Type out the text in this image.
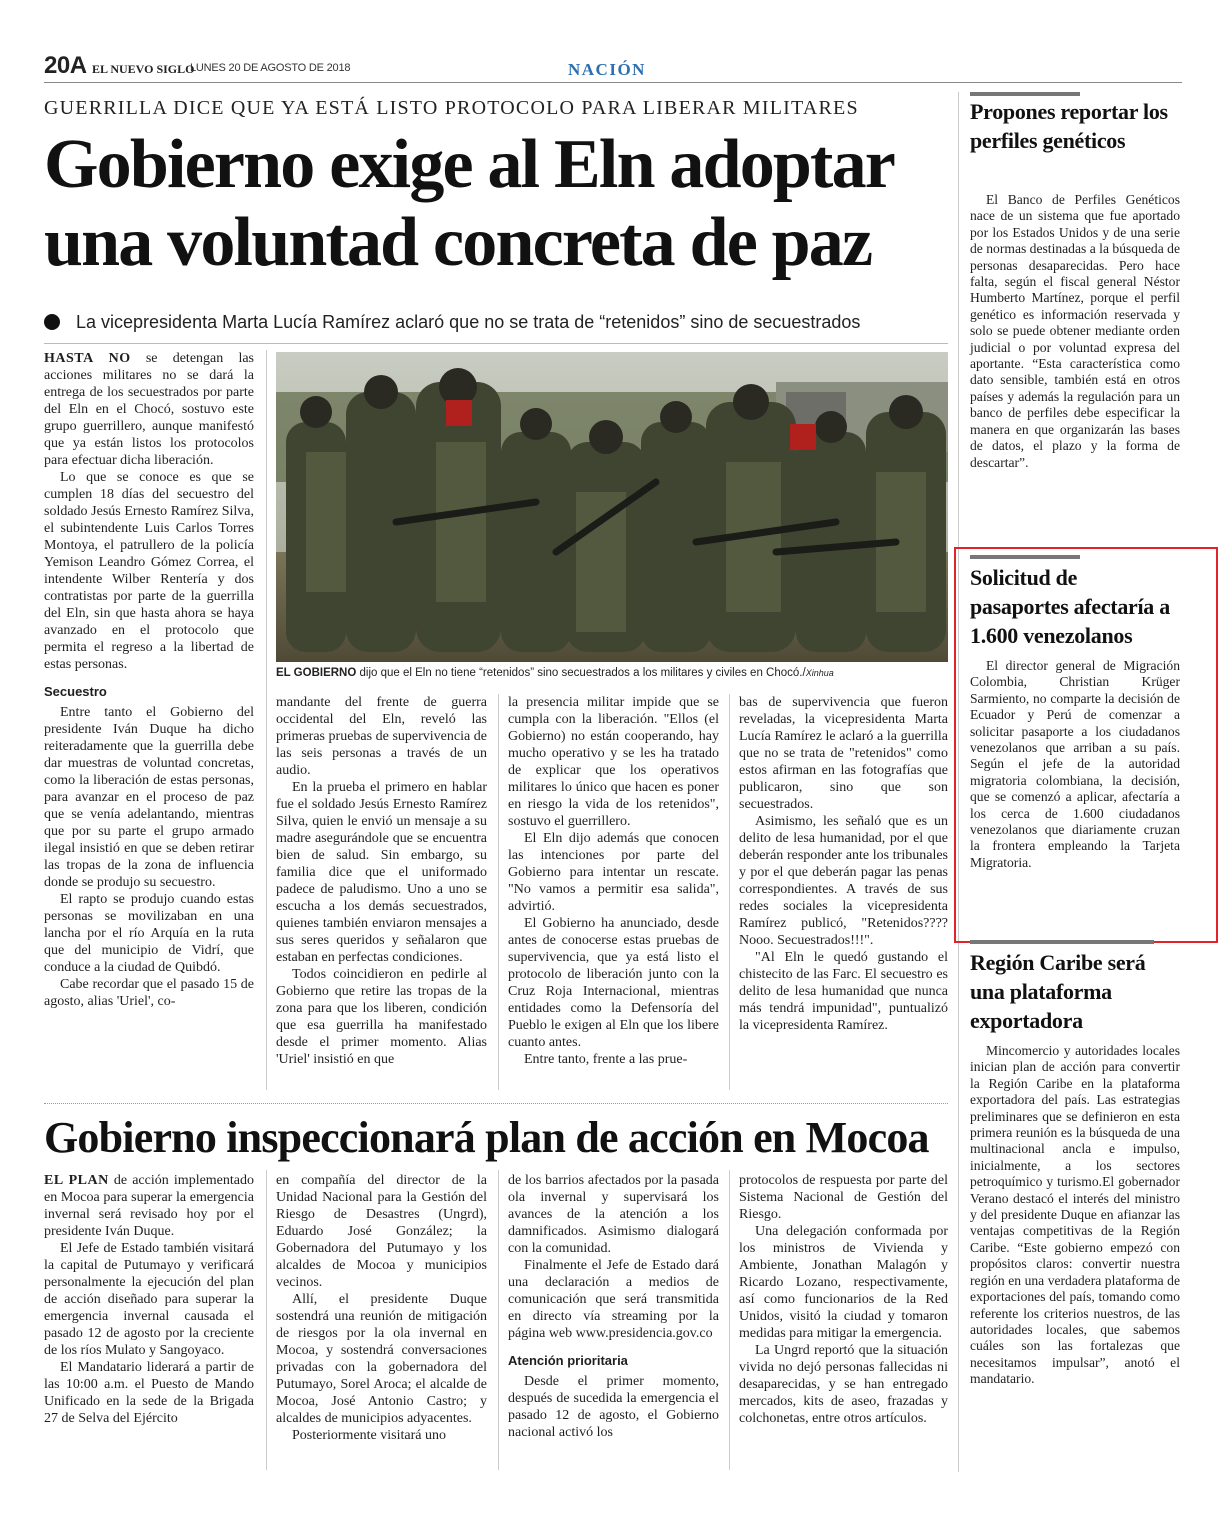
20A EL NUEVO SIGLO
LUNES 20 DE AGOSTO DE 2018	NACIÓN
GUERRILLA DICE QUE YA ESTÁ LISTO PROTOCOLO PARA LIBERAR MILITARES
Gobierno exige al Eln adoptar una voluntad concreta de paz
La vicepresidenta Marta Lucía Ramírez aclaró que no se trata de “retenidos” sino de secuestrados

HASTA NO se detengan las acciones militares no se dará la entrega de los secuestrados por parte del Eln en el Chocó, sostuvo este grupo guerrillero, aunque manifestó que ya están listos los protocolos para efectuar dicha liberación.

Lo que se conoce es que se cumplen 18 días del secuestro del soldado Jesús Ernesto Ramírez Silva, el subintendente Luis Carlos Torres Montoya, el patrullero de la policía Yemison Leandro Gómez Correa, el intendente Wilber Rentería y dos contratistas por parte de la guerrilla del Eln, sin que hasta ahora se haya avanzado en el protocolo que permita el regreso a la libertad de estas personas.

Secuestro

Entre tanto el Gobierno del presidente Iván Duque ha dicho reiteradamente que la guerrilla debe dar muestras de voluntad concretas, como la liberación de estas personas, para avanzar en el proceso de paz que se venía adelantando, mientras que por su parte el grupo armado ilegal insistió en que se deben retirar las tropas de la zona de influencia donde se produjo su secuestro.

El rapto se produjo cuando estas personas se movilizaban en una lancha por el río Arquía en la ruta que del municipio de Vidrí, que conduce a la ciudad de Quibdó.

Cabe recordar que el pasado 15 de agosto, alias 'Uriel', co-

EL GOBIERNO dijo que el Eln no tiene “retenidos” sino secuestrados a los militares y civiles en Chocó./Xinhua

mandante del frente de guerra occidental del Eln, reveló las primeras pruebas de supervivencia de las seis personas a través de un audio.

En la prueba el primero en hablar fue el soldado Jesús Ernesto Ramírez Silva, quien le envió un mensaje a su madre asegurándole que se encuentra bien de salud. Sin embargo, su familia dice que el uniformado padece de paludismo. Uno a uno se escucha a los demás secuestrados, quienes también enviaron mensajes a sus seres queridos y señalaron que estaban en perfectas condiciones.

Todos coincidieron en pedirle al Gobierno que retire las tropas de la zona para que los liberen, condición que esa guerrilla ha manifestado desde el primer momento. Alias 'Uriel' insistió en que

la presencia militar impide que se cumpla con la liberación. "Ellos (el Gobierno) no están cooperando, hay mucho operativo y se les ha tratado de explicar que los operativos militares lo único que hacen es poner en riesgo la vida de los retenidos", sostuvo el guerrillero.

El Eln dijo además que conocen las intenciones por parte del Gobierno para intentar un rescate. "No vamos a permitir esa salida", advirtió.

El Gobierno ha anunciado, desde antes de conocerse estas pruebas de supervivencia, que ya está listo el protocolo de liberación junto con la Cruz Roja Internacional, mientras entidades como la Defensoría del Pueblo le exigen al Eln que los libere cuanto antes.

Entre tanto, frente a las prue-

bas de supervivencia que fueron reveladas, la vicepresidenta Marta Lucía Ramírez le aclaró a la guerrilla que no se trata de "retenidos" como estos afirman en las fotografías que publicaron, sino que son secuestrados.

Asimismo, les señaló que es un delito de lesa humanidad, por el que deberán responder ante los tribunales y por el que deberán pagar las penas correspondientes. A través de sus redes sociales la vicepresidenta Ramírez publicó, "Retenidos???? Nooo. Secuestrados!!!".

"Al Eln le quedó gustando el chistecito de las Farc. El secuestro es delito de lesa humanidad que nunca más tendrá impunidad", puntualizó la vicepresidenta Ramírez.

Gobierno inspeccionará plan de acción en Mocoa

EL PLAN de acción implementado en Mocoa para superar la emergencia invernal será revisado hoy por el presidente Iván Duque.

El Jefe de Estado también visitará la capital de Putumayo y verificará personalmente la ejecución del plan de acción diseñado para superar la emergencia invernal causada el pasado 12 de agosto por la creciente de los ríos Mulato y Sangoyaco.

El Mandatario liderará a partir de las 10:00 a.m. el Puesto de Mando Unificado en la sede de la Brigada 27 de Selva del Ejército

en compañía del director de la Unidad Nacional para la Gestión del Riesgo de Desastres (Ungrd), Eduardo José González; la Gobernadora del Putumayo y los alcaldes de Mocoa y municipios vecinos.

Allí, el presidente Duque sostendrá una reunión de mitigación de riesgos por la ola invernal en Mocoa, y sostendrá conversaciones privadas con la gobernadora del Putumayo, Sorel Aroca; el alcalde de Mocoa, José Antonio Castro; y alcaldes de municipios adyacentes.

Posteriormente visitará uno

de los barrios afectados por la pasada ola invernal y supervisará los avances de la atención a los damnificados. Asimismo dialogará con la comunidad.

Finalmente el Jefe de Estado dará una declaración a medios de comunicación que será transmitida en directo vía streaming por la página web www.presidencia.gov.co

Atención prioritaria

Desde el primer momento, después de sucedida la emergencia el pasado 12 de agosto, el Gobierno nacional activó los

protocolos de respuesta por parte del Sistema Nacional de Gestión del Riesgo.

Una delegación conformada por los ministros de Vivienda y Ambiente, Jonathan Malagón y Ricardo Lozano, respectivamente, así como funcionarios de la Red Unidos, visitó la ciudad y tomaron medidas para mitigar la emergencia.

La Ungrd reportó que la situación vivida no dejó personas fallecidas ni desaparecidas, y se han entregado mercados, kits de aseo, frazadas y colchonetas, entre otros artículos.

Propones reportar los perfiles genéticos

El Banco de Perfiles Genéticos nace de un sistema que fue aportado por los Estados Unidos y de una serie de normas destinadas a la búsqueda de personas desaparecidas. Pero hace falta, según el fiscal general Néstor Humberto Martínez, porque el perfil genético es información reservada y solo se puede obtener mediante orden judicial o por voluntad expresa del aportante. “Esta característica como dato sensible, también está en otros países y además la regulación para un banco de perfiles debe especificar la manera en que organizarán las bases de datos, el plazo y la forma de descartar”.

Solicitud de pasaportes afectaría a 1.600 venezolanos

El director general de Migración Colombia, Christian Krüger Sarmiento, no comparte la decisión de Ecuador y Perú de comenzar a solicitar pasaporte a los ciudadanos venezolanos que arriban a su país. Según el jefe de la autoridad migratoria colombiana, la decisión, que se comenzó a aplicar, afectaría a los cerca de 1.600 ciudadanos venezolanos que diariamente cruzan la frontera empleando la Tarjeta Migratoria.

Región Caribe será una plataforma exportadora

Mincomercio y autoridades locales inician plan de acción para convertir la Región Caribe en la plataforma exportadora del país. Las estrategias preliminares que se definieron en esta primera reunión es la búsqueda de una multinacional ancla e impulso, inicialmente, a los sectores petroquímico y turismo.El gobernador Verano destacó el interés del ministro y del presidente Duque en afianzar las ventajas competitivas de la Región Caribe. “Este gobierno empezó con propósitos claros: convertir nuestra región en una verdadera plataforma de exportaciones del país, tomando como referente los criterios nuestros, de las autoridades locales, que sabemos cuáles son las fortalezas que necesitamos impulsar”, anotó el mandatario.
